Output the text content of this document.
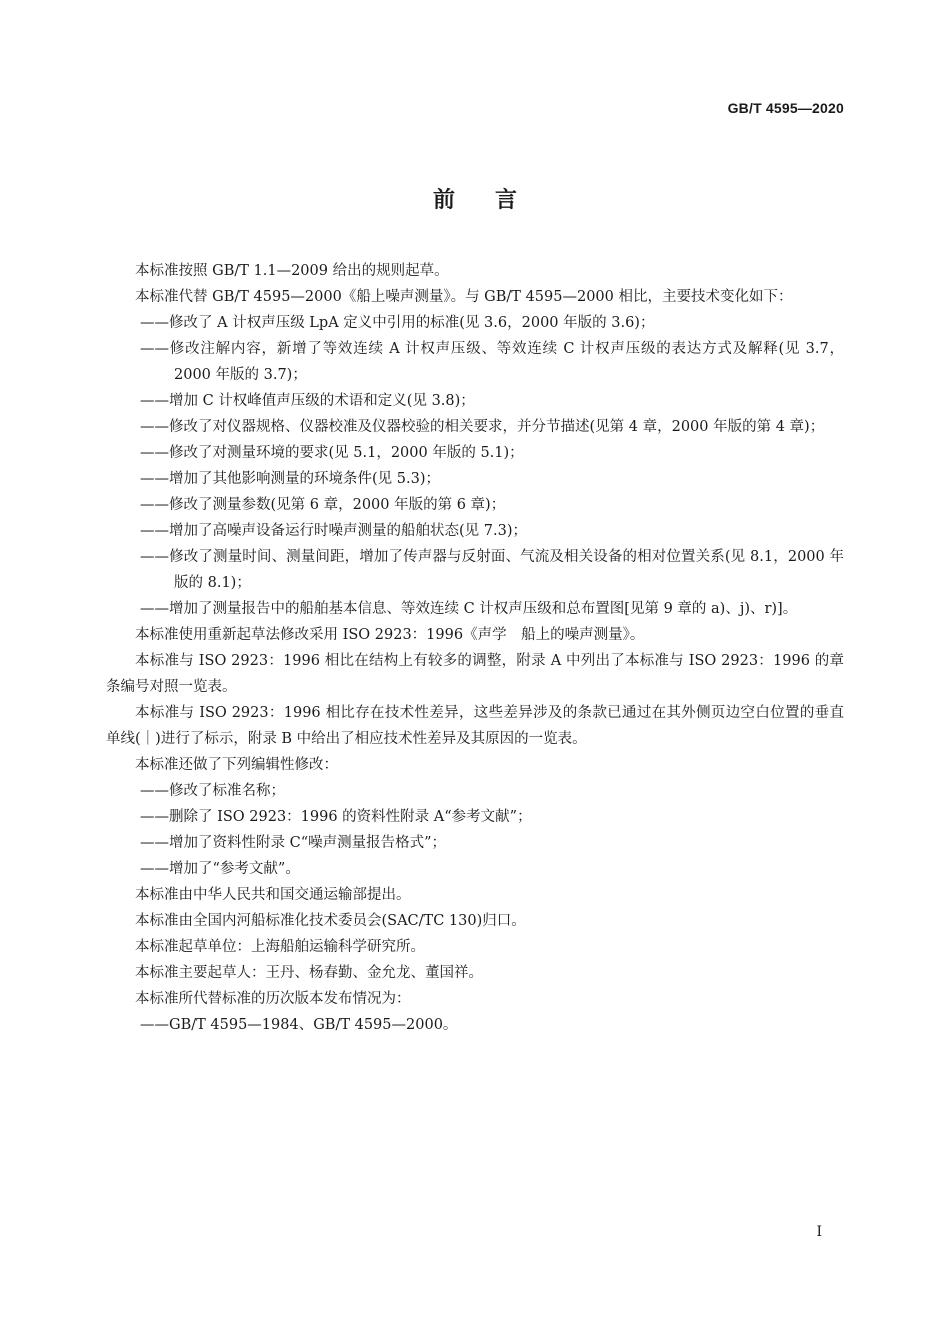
GB/T 4595—2020
前言

本标准按照 GB/T 1.1—2009 给出的规则起草。

本标准代替 GB/T 4595—2000《船上噪声测量》。与 GB/T 4595—2000 相比，主要技术变化如下：

——修改了 A 计权声压级 LpA 定义中引用的标准(见 3.6，2000 年版的 3.6)；

——修改注解内容，新增了等效连续 A 计权声压级、等效连续 C 计权声压级的表达方式及解释(见 3.7，2000 年版的 3.7)；

——增加 C 计权峰值声压级的术语和定义(见 3.8)；

——修改了对仪器规格、仪器校准及仪器校验的相关要求，并分节描述(见第 4 章，2000 年版的第 4 章)；

——修改了对测量环境的要求(见 5.1，2000 年版的 5.1)；

——增加了其他影响测量的环境条件(见 5.3)；

——修改了测量参数(见第 6 章，2000 年版的第 6 章)；

——增加了高噪声设备运行时噪声测量的船舶状态(见 7.3)；

——修改了测量时间、测量间距，增加了传声器与反射面、气流及相关设备的相对位置关系(见 8.1，2000 年版的 8.1)；

——增加了测量报告中的船舶基本信息、等效连续 C 计权声压级和总布置图[见第 9 章的 a)、j)、r)]。

本标准使用重新起草法修改采用 ISO 2923：1996《声学　船上的噪声测量》。

本标准与 ISO 2923：1996 相比在结构上有较多的调整，附录 A 中列出了本标准与 ISO 2923：1996 的章条编号对照一览表。

本标准与 ISO 2923：1996 相比存在技术性差异，这些差异涉及的条款已通过在其外侧页边空白位置的垂直单线(｜)进行了标示，附录 B 中给出了相应技术性差异及其原因的一览表。

本标准还做了下列编辑性修改：

——修改了标准名称；

——删除了 ISO 2923：1996 的资料性附录 A“参考文献”；

——增加了资料性附录 C“噪声测量报告格式”；

——增加了“参考文献”。

本标准由中华人民共和国交通运输部提出。

本标准由全国内河船标准化技术委员会(SAC/TC 130)归口。

本标准起草单位：上海船舶运输科学研究所。

本标准主要起草人：王丹、杨春勤、金允龙、董国祥。

本标准所代替标准的历次版本发布情况为：

——GB/T 4595—1984、GB/T 4595—2000。

I
